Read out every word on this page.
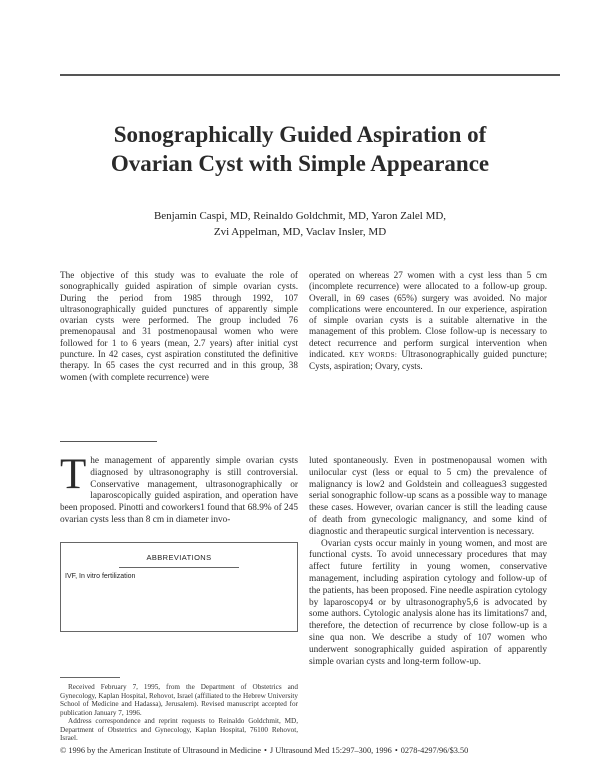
Sonographically Guided Aspiration of
Ovarian Cyst with Simple Appearance
Benjamin Caspi, MD, Reinaldo Goldchmit, MD, Yaron Zalel MD,
Zvi Appelman, MD, Vaclav Insler, MD
The objective of this study was to evaluate the role of sonographically guided aspiration of simple ovarian cysts. During the period from 1985 through 1992, 107 ultrasonographically guided punctures of apparently simple ovarian cysts were performed. The group included 76 premenopausal and 31 postmenopausal women who were followed for 1 to 6 years (mean, 2.7 years) after initial cyst puncture. In 42 cases, cyst aspiration constituted the definitive therapy. In 65 cases the cyst recurred and in this group, 38 women (with complete recurrence) were
operated on whereas 27 women with a cyst less than 5 cm (incomplete recurrence) were allocated to a follow-up group. Overall, in 69 cases (65%) surgery was avoided. No major complications were encountered. In our experience, aspiration of simple ovarian cysts is a suitable alternative in the management of this problem. Close follow-up is necessary to detect recurrence and perform surgical intervention when indicated. KEY WORDS: Ultrasonographically guided puncture; Cysts, aspiration; Ovary, cysts.
The management of apparently simple ovarian cysts diagnosed by ultrasonography is still controversial. Conservative management, ultrasonographically or laparoscopically guided aspiration, and operation have been proposed. Pinotti and coworkers1 found that 68.9% of 245 ovarian cysts less than 8 cm in diameter invo-

luted spontaneously. Even in postmenopausal women with unilocular cyst (less or equal to 5 cm) the prevalence of malignancy is low2 and Goldstein and colleagues3 suggested serial sonographic follow-up scans as a possible way to manage these cases. However, ovarian cancer is still the leading cause of death from gynecologic malignancy, and some kind of diagnostic and therapeutic surgical intervention is necessary.

Ovarian cysts occur mainly in young women, and most are functional cysts. To avoid unnecessary procedures that may affect future fertility in young women, conservative management, including aspiration cytology and follow-up of the patients, has been proposed. Fine needle aspiration cytology by laparoscopy4 or by ultrasonography5,6 is advocated by some authors. Cytologic analysis alone has its limitations7 and, therefore, the detection of recurrence by close follow-up is a sine qua non. We describe a study of 107 women who underwent sonographically guided aspiration of apparently simple ovarian cysts and long-term follow-up.

ABBREVIATIONS
IVF, In vitro fertilization

Received February 7, 1995, from the Department of Obstetrics and Gynecology, Kaplan Hospital, Rehovot, Israel (affiliated to the Hebrew University School of Medicine and Hadassa), Jerusalem). Revised manuscript accepted for publication January 7, 1996.

Address correspondence and reprint requests to Reinaldo Goldchmit, MD, Department of Obstetrics and Gynecology, Kaplan Hospital, 76100 Rehovot, Israel.

© 1996 by the American Institute of Ultrasound in Medicine • J Ultrasound Med 15:297–300, 1996 • 0278-4297/96/$3.50
